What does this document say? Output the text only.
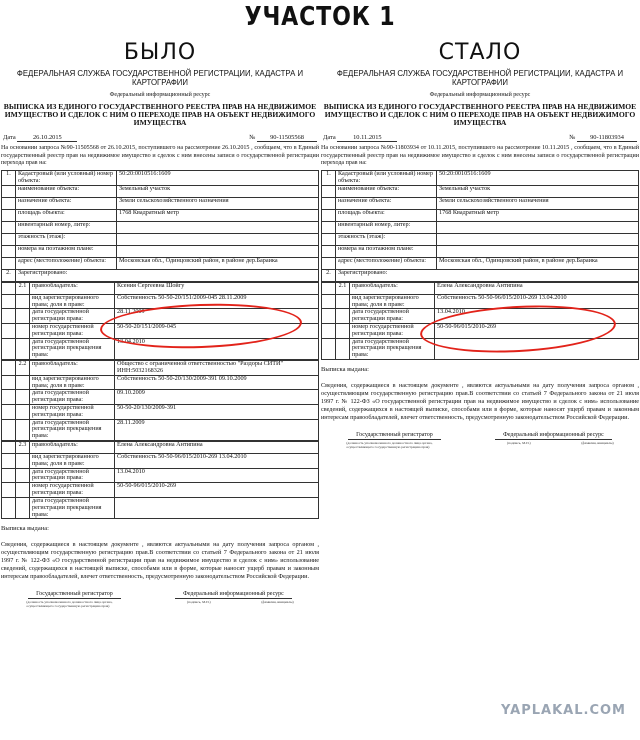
УЧАСТОК 1
БЫЛО	СТАЛО
ФЕДЕРАЛЬНАЯ СЛУЖБА ГОСУДАРСТВЕННОЙ РЕГИСТРАЦИИ, КАДАСТРА И КАРТОГРАФИИ
Федеральный информационный ресурс
ВЫПИСКА ИЗ ЕДИНОГО ГОСУДАРСТВЕННОГО РЕЕСТРА ПРАВ НА НЕДВИЖИМОЕ ИМУЩЕСТВО И СДЕЛОК С НИМ О ПЕРЕХОДЕ ПРАВ НА ОБЪЕКТ НЕДВИЖИМОГО ИМУЩЕСТВА
Дата	26.10.2015	№ 90-11505568
На основании запроса №90-11505568 от 26.10.2015, поступившего на рассмотрение 26.10.2015 , сообщаем, что в Единый государственный реестр прав на недвижимое имущество и сделок с ним внесены записи о государственной регистрации перехода прав на:
1.	Кадастровый (или условный) номер объекта:	50:20:0010516:1609
	наименование объекта:	Земельный участок
	назначение объекта:	Земли сельскохозяйственного назначения
	площадь объекта:	1768 Квадратный метр
	инвентарный номер, литер:	
	этажность (этаж):	
	номера на поэтажном плане:	
	адрес (местоположение) объекта:	Московская обл., Одинцовский район, в районе дер.Бараика
2.	Зарегистрировано:	
	2.1	правообладатель:	Ксения Сергеевна Шойгу
		вид зарегистрированного права; доля в праве:	Собственность 50-50-20/151/2009-045 28.11.2009
		дата государственной регистрации права:	28.11.2009
		номер государственной регистрации права:	50-50-20/151/2009-045
		дата государственной регистрации прекращения права:	13.04.2010
	2.2	правообладатель:	Общество с ограниченной ответственностью "Раздоры СИТИ" ИНН:5032168326
		вид зарегистрированного права; доля в праве:	Собственность 50-50-20/130/2009-391 09.10.2009
		дата государственной регистрации права:	09.10.2009
		номер государственной регистрации права:	50-50-20/130/2009-391
		дата государственной регистрации прекращения права:	28.11.2009
	2.3	правообладатель:	Елена Александровна Антипина
		вид зарегистрированного права; доля в праве:	Собственность 50-50-96/015/2010-269 13.04.2010
		дата государственной регистрации права:	13.04.2010
		номер государственной регистрации права:	50-50-96/015/2010-269
		дата государственной регистрации прекращения права:	
Выписка выдана:
Сведения, содержащиеся в настоящем документе , являются актуальными на дату получения запроса органом , осуществляющим государственную регистрацию прав.В соответствии со статьей 7 Федерального закона от 21 июля 1997 г. № 122-ФЗ «О государственной регистрации прав на недвижимое имущество и сделок с ним» использование сведений, содержащихся в настоящей выписке, способами или в форме, которые наносят ущерб правам и законным интересам правообладателей, влечет ответственность, предусмотренную законодательством Российской Федерации.
Государственный регистратор	Федеральный информационный ресурс
(должность уполномоченного должностного лица органа, осуществляющего государственную регистрацию прав)
(подпись, М.П.)	(фамилия, инициалы)
ФЕДЕРАЛЬНАЯ СЛУЖБА ГОСУДАРСТВЕННОЙ РЕГИСТРАЦИИ, КАДАСТРА И КАРТОГРАФИИ
Федеральный информационный ресурс
ВЫПИСКА ИЗ ЕДИНОГО ГОСУДАРСТВЕННОГО РЕЕСТРА ПРАВ НА НЕДВИЖИМОЕ ИМУЩЕСТВО И СДЕЛОК С НИМ О ПЕРЕХОДЕ ПРАВ НА ОБЪЕКТ НЕДВИЖИМОГО ИМУЩЕСТВА
Дата	10.11.2015	№ 90-11803934
На основании запроса №90-11803934 от 10.11.2015, поступившего на рассмотрение 10.11.2015 , сообщаем, что в Единый государственный реестр прав на недвижимое имущество и сделок с ним внесены записи о государственной регистрации перехода прав на:
1.	Кадастровый (или условный) номер объекта:	50:20:0010516:1609
	наименование объекта:	Земельный участок
	назначение объекта:	Земли сельскохозяйственного назначения
	площадь объекта:	1768 Квадратный метр
	инвентарный номер, литер:	
	этажность (этаж):	
	номера на поэтажном плане:	
	адрес (местоположение) объекта:	Московская обл., Одинцовский район, в районе дер.Бараика
2.	Зарегистрировано:	
	2.1	правообладатель:	Елена Александровна Антипина
		вид зарегистрированного права; доля в праве:	Собственность 50-50-96/015/2010-269 13.04.2010
		дата государственной регистрации права:	13.04.2010
		номер государственной регистрации права:	50-50-96/015/2010-269
		дата государственной регистрации прекращения права:	
Выписка выдана:
Сведения, содержащиеся в настоящем документе , являются актуальными на дату получения запроса органом , осуществляющим государственную регистрацию прав.В соответствии со статьей 7 Федерального закона от 21 июля 1997 г. № 122-ФЗ «О государственной регистрации прав на недвижимое имущество и сделок с ним» использование сведений, содержащихся в настоящей выписке, способами или в форме, которые наносят ущерб правам и законным интересам правообладателей, влечет ответственность, предусмотренную законодательством Российской Федерации.
Государственный регистратор	Федеральный информационный ресурс
(должность уполномоченного должностного лица органа, осуществляющего государственную регистрацию прав)
(подпись, М.П.)	(фамилия, инициалы)
YAPLAKAL.COM
